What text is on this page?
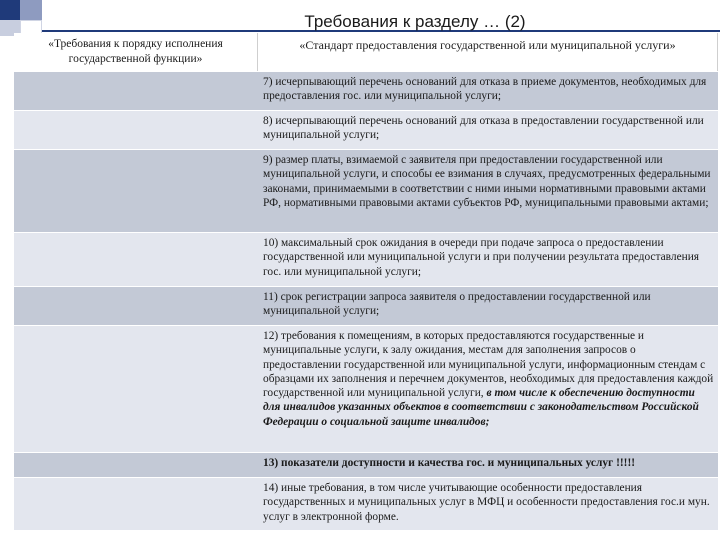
Требования к разделу … (2)
«Требования к порядку исполнения государственной функции»
«Стандарт предоставления государственной или муниципальной услуги»
7) исчерпывающий перечень оснований для отказа в приеме документов, необходимых для предоставления гос. или муниципальной услуги;
8) исчерпывающий перечень оснований для отказа в предоставлении государственной или муниципальной услуги;
9) размер платы, взимаемой с заявителя при предоставлении государственной или муниципальной услуги, и способы ее взимания в случаях, предусмотренных федеральными законами, принимаемыми в соответствии с ними иными нормативными правовыми актами РФ, нормативными правовыми актами субъектов РФ, муниципальными правовыми актами;
10) максимальный срок ожидания в очереди при подаче запроса о предоставлении государственной или муниципальной услуги и при получении результата предоставления гос. или муниципальной услуги;
11) срок регистрации запроса заявителя о предоставлении государственной или муниципальной услуги;
12) требования к помещениям, в которых предоставляются государственные и муниципальные услуги, к залу ожидания, местам для заполнения запросов о предоставлении государственной или муниципальной услуги, информационным стендам с образцами их заполнения и перечнем документов, необходимых для предоставления каждой государственной или муниципальной услуги, в том числе к обеспечению доступности для инвалидов указанных объектов в соответствии с законодательством Российской Федерации о социальной защите инвалидов;
13) показатели доступности и качества гос. и муниципальных услуг !!!!!
14) иные требования, в том числе учитывающие особенности предоставления государственных и муниципальных услуг в МФЦ и особенности предоставления гос.и мун. услуг в электронной форме.
